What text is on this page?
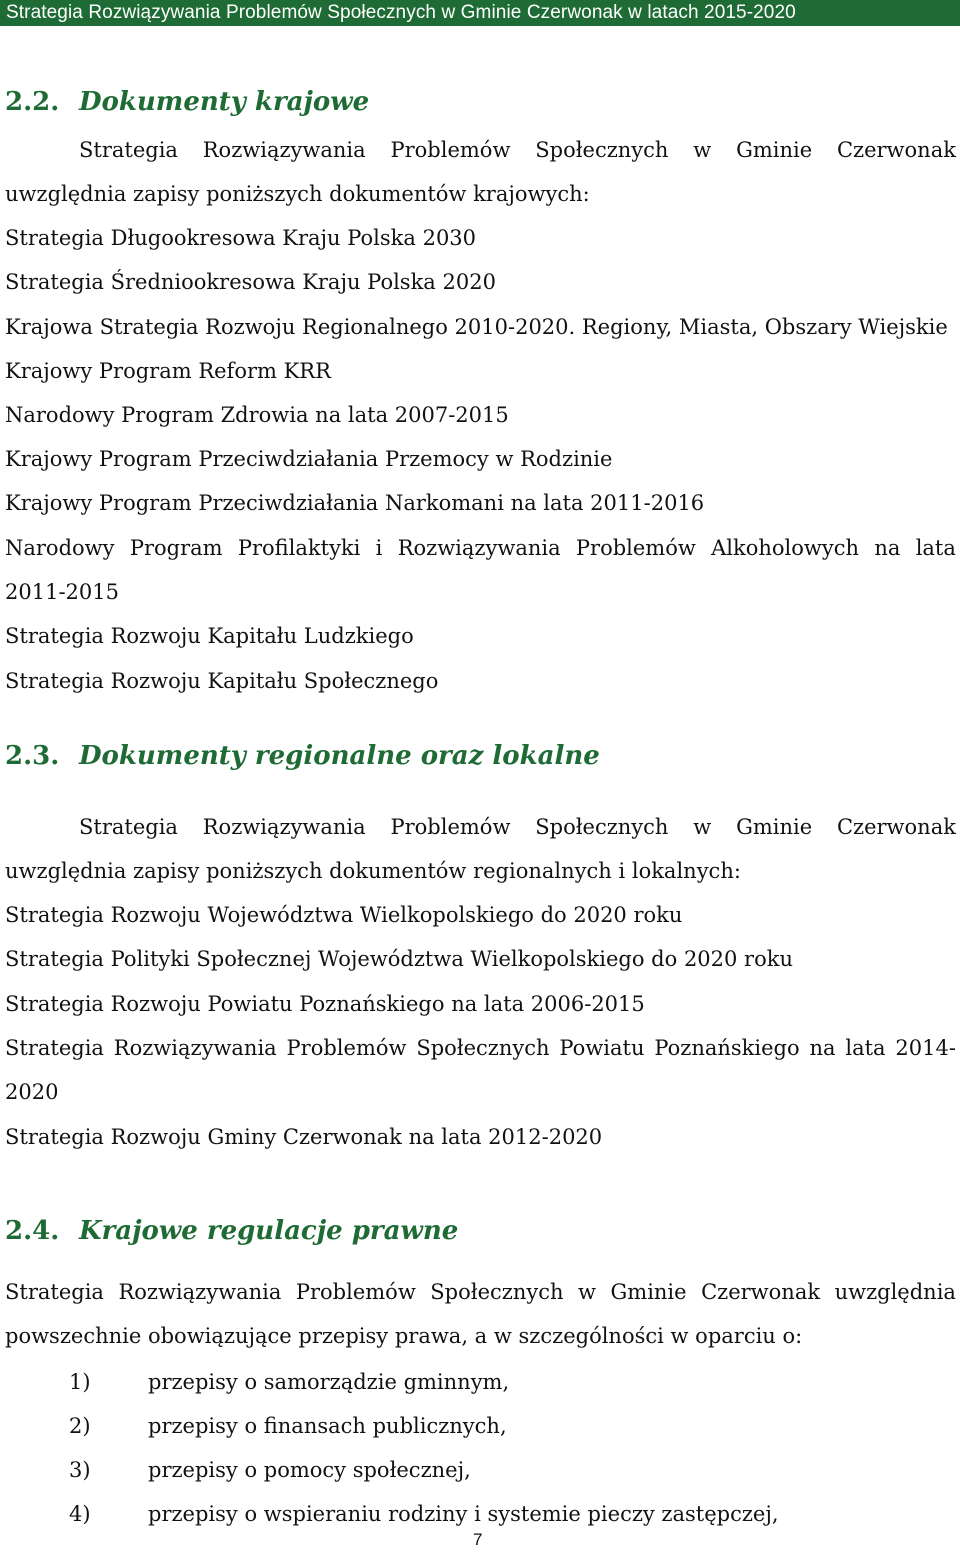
Strategia Rozwiązywania Problemów Społecznych w Gminie Czerwonak w latach 2015-2020
2.2. Dokumenty krajowe
Strategia Rozwiązywania Problemów Społecznych w Gminie Czerwonak
uwzględnia zapisy poniższych dokumentów krajowych:
Strategia Długookresowa Kraju Polska 2030
Strategia Średniookresowa Kraju Polska 2020
Krajowa Strategia Rozwoju Regionalnego 2010-2020. Regiony, Miasta, Obszary Wiejskie
Krajowy Program Reform KRR
Narodowy Program Zdrowia na lata 2007-2015
Krajowy Program Przeciwdziałania Przemocy w Rodzinie
Krajowy Program Przeciwdziałania Narkomani na lata 2011-2016
Narodowy Program Profilaktyki i Rozwiązywania Problemów Alkoholowych na lata
2011-2015
Strategia Rozwoju Kapitału Ludzkiego
Strategia Rozwoju Kapitału Społecznego
2.3. Dokumenty regionalne oraz lokalne
Strategia Rozwiązywania Problemów Społecznych w Gminie Czerwonak
uwzględnia zapisy poniższych dokumentów regionalnych i lokalnych:
Strategia Rozwoju Województwa Wielkopolskiego do 2020 roku
Strategia Polityki Społecznej Województwa Wielkopolskiego do 2020 roku
Strategia Rozwoju Powiatu Poznańskiego na lata 2006-2015
Strategia Rozwiązywania Problemów Społecznych Powiatu Poznańskiego na lata 2014-
2020
Strategia Rozwoju Gminy Czerwonak na lata 2012-2020
2.4. Krajowe regulacje prawne
Strategia Rozwiązywania Problemów Społecznych w Gminie Czerwonak uwzględnia
powszechnie obowiązujące przepisy prawa, a w szczególności w oparciu o:
1)	przepisy o samorządzie gminnym,
2)	przepisy o finansach publicznych,
3)	przepisy o pomocy społecznej,
4)	przepisy o wspieraniu rodziny i systemie pieczy zastępczej,
7
